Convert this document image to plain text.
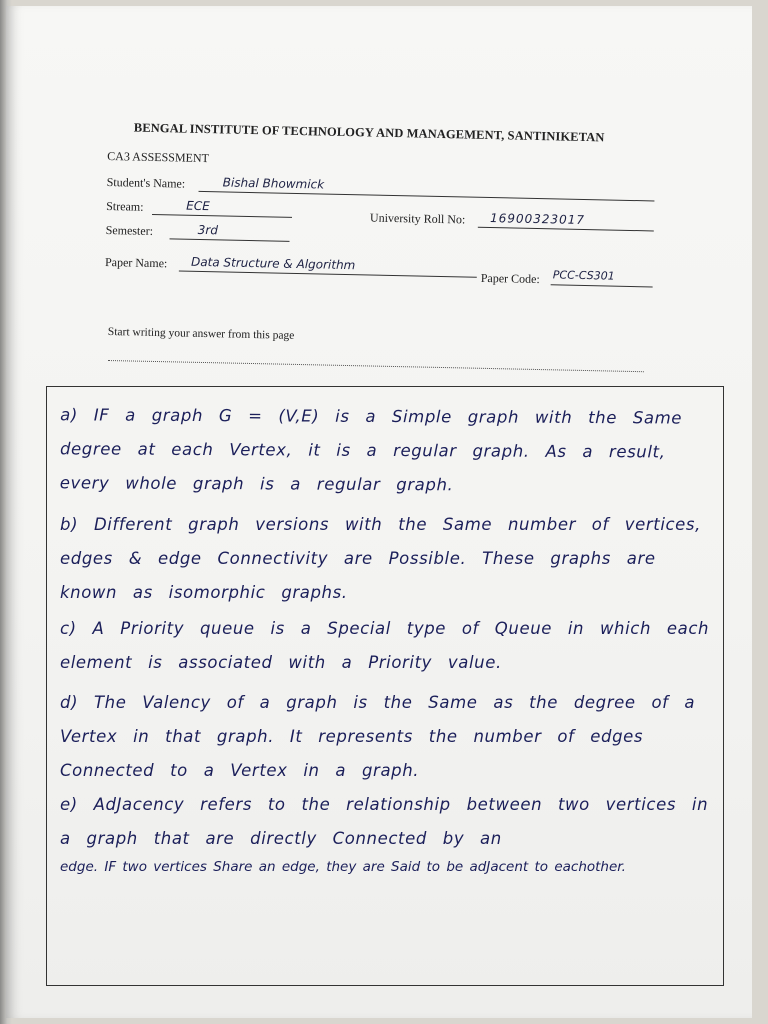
BENGAL INSTITUTE OF TECHNOLOGY AND MANAGEMENT, SANTINIKETAN
CA3 ASSESSMENT
Student's Name:	Bishal Bhowmick
Stream:	ECE
University Roll No: 16900323017
Semester:	3rd
Paper Name: Data Structure & Algorithm
Paper Code: PCC-CS301
Start writing your answer from this page

a) IF a graph G = (V,E) is a Simple graph with the Same degree at each Vertex, it is a regular graph. As a result, every whole graph is a regular graph.

b) Different graph versions with the Same number of vertices, edges & edge Connectivity are Possible. These graphs are known as isomorphic graphs.

c) A Priority queue is a Special type of Queue in which each element is associated with a Priority value.

d) The Valency of a graph is the Same as the degree of a Vertex in that graph. It represents the number of edges Connected to a Vertex in a graph.

e) AdJacency refers to the relationship between two vertices in a graph that are directly Connected by an

edge. IF two vertices Share an edge, they are Said to be adJacent to eachother.
